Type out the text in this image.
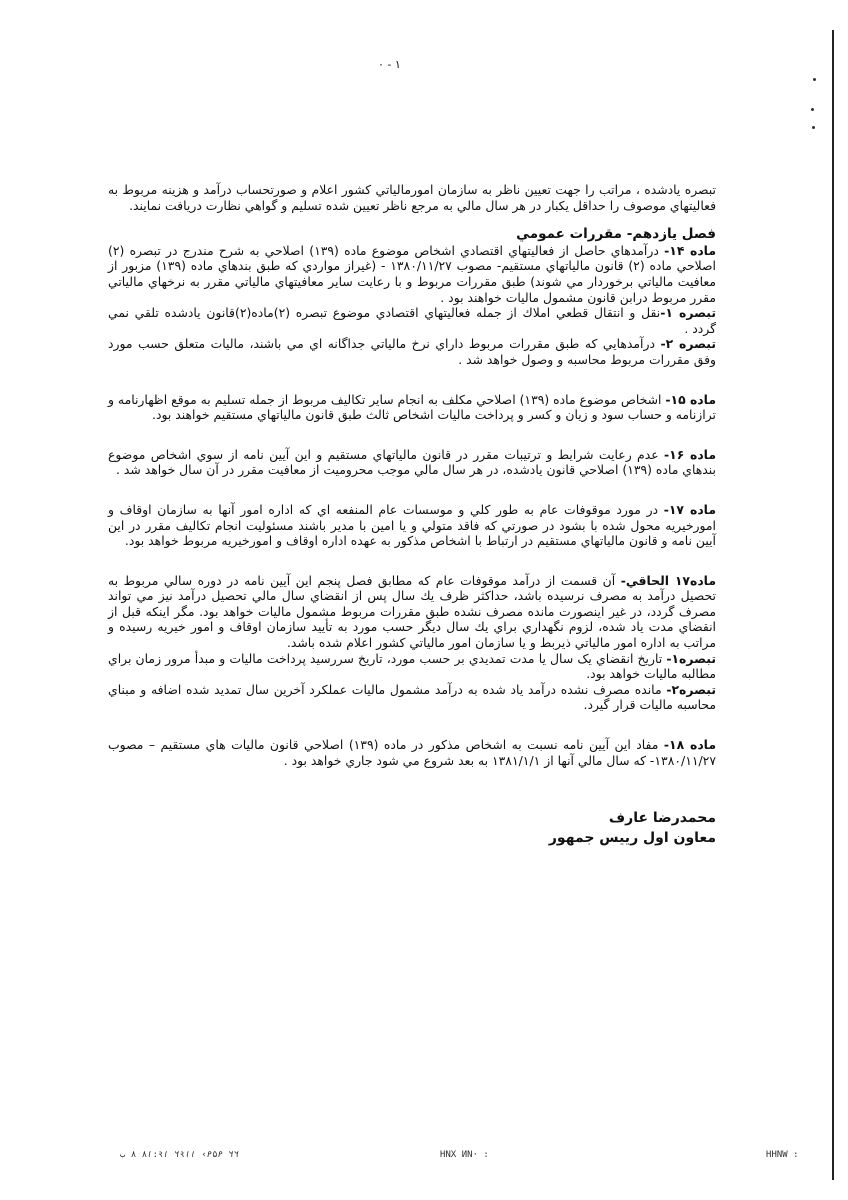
۰ - ۱

تبصره يادشده ، مراتب را جهت تعيين ناظر به سازمان امورمالياتي كشور اعلام و صورتحساب درآمد و هزينه مربوط به فعاليتهاي موصوف را حداقل يكبار در هر سال مالي به مرجع ناظر تعيين شده تسليم و گواهي نظارت دريافت نمايند.

فصل يازدهم- مقررات عمومي

ماده ۱۴- درآمدهاي حاصل از فعاليتهاي اقتصادي اشخاص موضوع ماده (۱۳۹) اصلاحي به شرح مندرج در تبصره (۲) اصلاحي ماده (۲) قانون مالياتهاي مستقيم- مصوب ۱۳۸۰/۱۱/۲۷ - (غيراز مواردي كه طبق بندهاي ماده (۱۳۹) مزبور از معافيت مالياتي برخوردار مي شوند) طبق مقررات مربوط و با رعايت ساير معافيتهاي مالياتي مقرر به نرخهاي مالياتي مقرر مربوط درابن قانون مشمول ماليات خواهند بود .

تبصره ۱-نقل و انتقال قطعي املاك از جمله فعاليتهاي اقتصادي موضوع تبصره (۲)ماده(۲)قانون يادشده تلقي نمي گردد .

تبصره ۲- درآمدهايي كه طبق مقررات مربوط داراي نرخ مالياتي جداگانه اي مي باشند، ماليات متعلق حسب مورد وفق مقررات مربوط محاسبه و وصول خواهد شد .

ماده ۱۵- اشخاص موضوع ماده (۱۳۹) اصلاحي مكلف به انجام ساير تكاليف مربوط از جمله تسليم به موقع اظهارنامه و ترازنامه و حساب سود و زيان و كسر و پرداخت ماليات اشخاص ثالث طبق قانون مالياتهاي مستقيم خواهند بود.

ماده ۱۶- عدم رعايت شرايط و ترتيبات مقرر در قانون مالياتهاي مستقيم و اين آيين نامه از سوي اشخاص موضوع بندهاي ماده (۱۳۹) اصلاحي قانون يادشده، در هر سال مالي موجب محروميت از معافيت مقرر در آن سال خواهد شد .

ماده ۱۷- در مورد موقوفات عام به طور كلي و موسسات عام المنفعه اي كه اداره امور آنها به سازمان اوقاف و امورخيريه محول شده با بشود در صورتي كه فاقد متولي و يا امين با مدير باشند مسئوليت انجام تكاليف مقرر در اين آيين نامه و قانون مالياتهاي مستقيم در ارتباط با اشخاص مذكور به عهده اداره اوقاف و امورخيريه مربوط خواهد بود.

ماده۱۷ الحاقي- آن قسمت از درآمد موقوفات عام كه مطابق فصل پنجم اين آيين نامه در دوره سالي مربوط به تحصيل درآمد به مصرف نرسيده باشد، حداكثر ظرف يك سال پس از انقضاي سال مالي تحصيل درآمد نيز مي تواند مصرف گردد، در غير اينصورت مانده مصرف نشده طبق مقررات مربوط مشمول ماليات خواهد بود. مگر اينكه قبل از انقضاي مدت ياد شده، لزوم نگهداري براي يك سال ديگر حسب مورد به تأييد سازمان اوقاف و امور خيريه رسيده و مراتب به اداره امور مالياتي ذيربط و يا سازمان امور مالياتي كشور اعلام شده باشد.

تبصره۱- تاريخ انقضاي يک سال يا مدت تمديدي بر حسب مورد، تاريخ سررسيد پرداخت ماليات و مبدأ مرور زمان براي مطالبه ماليات خواهد بود.

تبصره۲- مانده مصرف نشده درآمد ياد شده به درآمد مشمول ماليات عملكرد آخرين سال تمديد شده اضافه و مبناي محاسبه ماليات قرار گيرد.

ماده ۱۸- مفاد اين آيين نامه نسبت به اشخاص مذكور در ماده (۱۳۹) اصلاحي قانون ماليات هاي مستقيم – مصوب ۱۳۸۰/۱۱/۲۷- كه سال مالي آنها از ۱۳۸۱/۱/۱ به بعد شروع مي شود جاري خواهد بود .

محمدرضا عارف
معاون اول رييس جمهور

ب ۸ ۱۶:۱۸ ۱۱۶۲ ‹۹۵۹ ۲۲	: ·ИN ХИН	: WИНН
